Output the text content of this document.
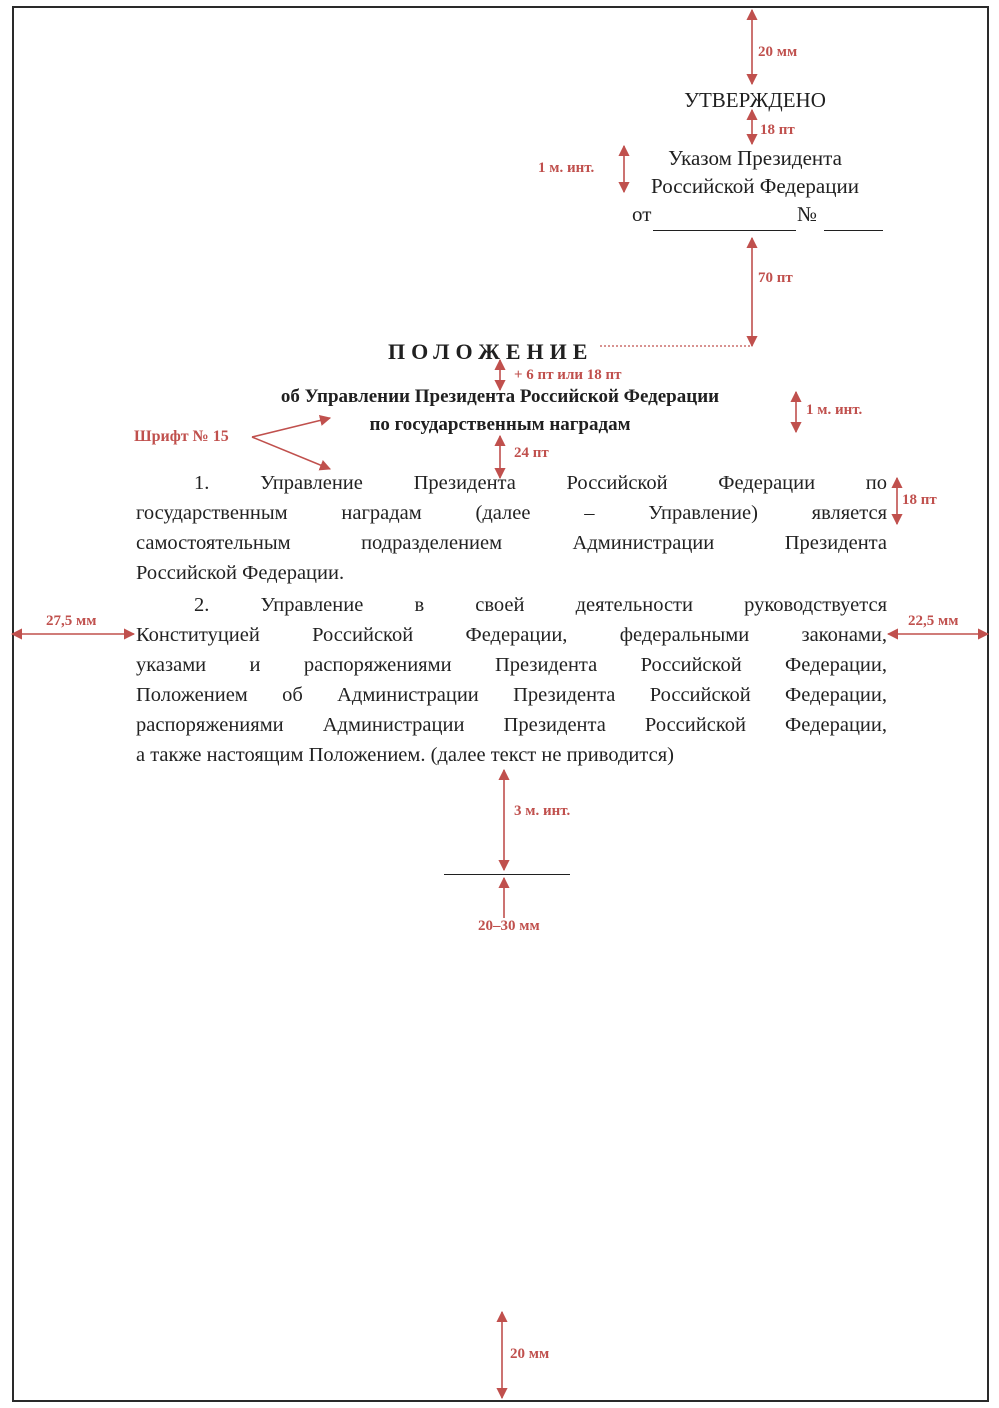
УТВЕРЖДЕНО
Указом Президента
Российской Федерации
от	№
ПОЛОЖЕНИЕ
об Управлении Президента Российской Федерации
по государственным наградам
1. Управление Президента Российской Федерации по
государственным наградам (далее – Управление) является
самостоятельным подразделением Администрации Президента
Российской Федерации.
2. Управление в своей деятельности руководствуется
Конституцией Российской Федерации, федеральными законами,
указами и распоряжениями Президента Российской Федерации,
Положением об Администрации Президента Российской Федерации,
распоряжениями Администрации Президента Российской Федерации,
а также настоящим Положением. (далее текст не приводится)
20 мм
18 пт
1 м. инт.
70 пт
+ 6 пт или 18 пт
1 м. инт.
Шрифт № 15
24 пт
18 пт
27,5 мм	22,5 мм
3 м. инт.
20–30 мм
20 мм
